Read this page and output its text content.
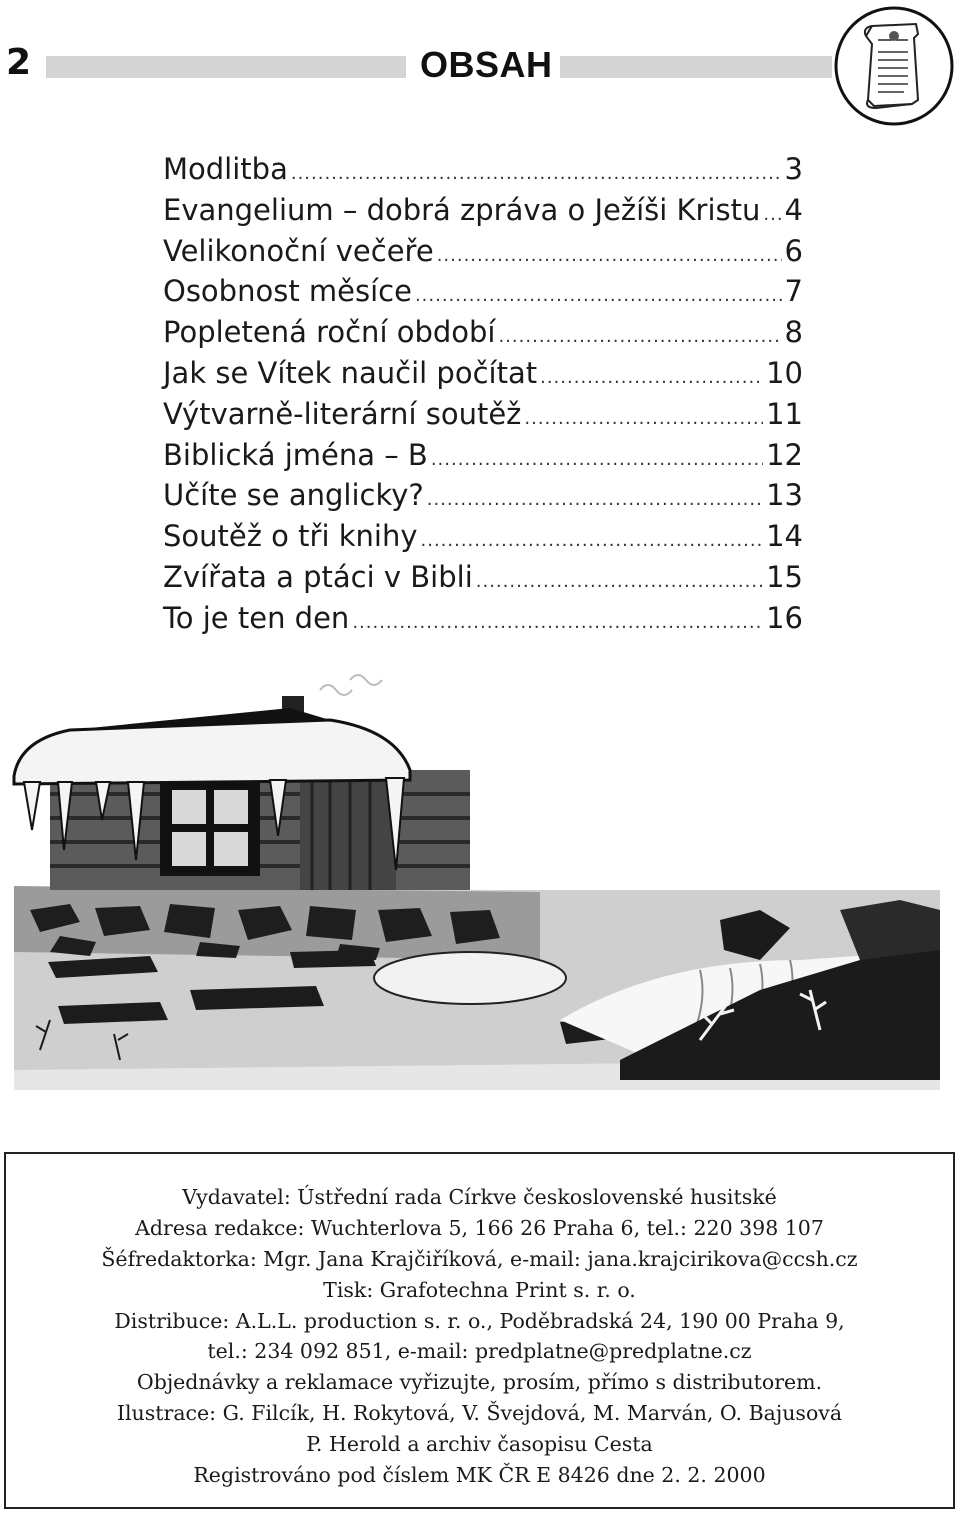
2	OBSAH
Modlitba .....	3
Evangelium – dobrá zpráva o Ježíši Kristu ..... 4
Velikonoční večeře .....	6
Osobnost měsíce .....	7
Popletená roční období .....	8
Jak se Vítek naučil počítat .....	10
Výtvarně-literární soutěž .....	11
Biblická jména – B .....	12
Učíte se anglicky? .....	13
Soutěž o tři knihy .....	14
Zvířata a ptáci v Bibli .....	15
To je ten den .....	16
Vydavatel: Ústřední rada Církve československé husitské
Adresa redakce: Wuchterlova 5, 166 26 Praha 6, tel.: 220 398 107
Šéfredaktorka: Mgr. Jana Krajčiříková, e-mail: jana.krajcirikova@ccsh.cz
Tisk: Grafotechna Print s. r. o.
Distribuce: A.L.L. production s. r. o., Poděbradská 24, 190 00 Praha 9,
tel.: 234 092 851, e-mail: predplatne@predplatne.cz
Objednávky a reklamace vyřizujte, prosím, přímo s distributorem.
Ilustrace: G. Filcík, H. Rokytová, V. Švejdová, M. Marván, O. Bajusová
P. Herold a archiv časopisu Cesta
Registrováno pod číslem MK ČR E 8426 dne 2. 2. 2000
